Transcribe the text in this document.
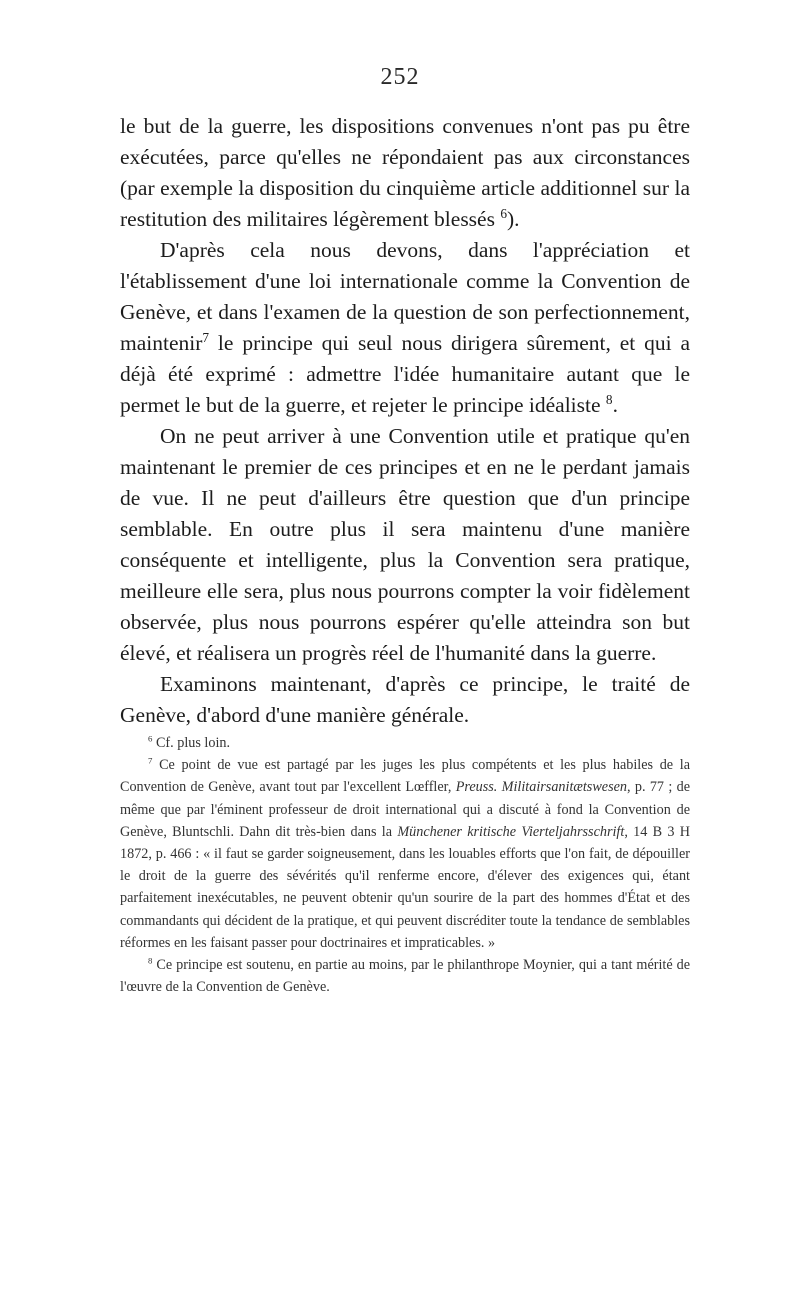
252

le but de la guerre, les dispositions convenues n'ont pas pu être exécutées, parce qu'elles ne répondaient pas aux circonstances (par exemple la disposition du cinquième article additionnel sur la restitution des militaires légèrement blessés $^6$).

D'après cela nous devons, dans l'appréciation et l'établissement d'une loi internationale comme la Convention de Genève, et dans l'examen de la question de son perfectionnement, maintenir$^7$ le principe qui seul nous dirigera sûrement, et qui a déjà été exprimé : admettre l'idée humanitaire autant que le permet le but de la guerre, et rejeter le principe idéaliste $^8$.

On ne peut arriver à une Convention utile et pratique qu'en maintenant le premier de ces principes et en ne le perdant jamais de vue. Il ne peut d'ailleurs être question que d'un principe semblable. En outre plus il sera maintenu d'une manière conséquente et intelligente, plus la Convention sera pratique, meilleure elle sera, plus nous pourrons compter la voir fidèlement observée, plus nous pourrons espérer qu'elle atteindra son but élevé, et réalisera un progrès réel de l'humanité dans la guerre.

Examinons maintenant, d'après ce principe, le traité de Genève, d'abord d'une manière générale.

$^6$ Cf. plus loin.

$^7$ Ce point de vue est partagé par les juges les plus compétents et les plus habiles de la Convention de Genève, avant tout par l'excellent Lœffler, Preuss. Militairsanitætswesen, p. 77 ; de même que par l'éminent professeur de droit international qui a discuté à fond la Convention de Genève, Bluntschli. Dahn dit très-bien dans la Münchener kritische Vierteljahrsschrift, 14 B 3 H 1872, p. 466 : « il faut se garder soigneusement, dans les louables efforts que l'on fait, de dépouiller le droit de la guerre des sévérités qu'il renferme encore, d'élever des exigences qui, étant parfaitement inexécutables, ne peuvent obtenir qu'un sourire de la part des hommes d'État et des commandants qui décident de la pratique, et qui peuvent discréditer toute la tendance de semblables réformes en les faisant passer pour doctrinaires et impraticables. »

$^8$ Ce principe est soutenu, en partie au moins, par le philanthrope Moynier, qui a tant mérité de l'œuvre de la Convention de Genève.
